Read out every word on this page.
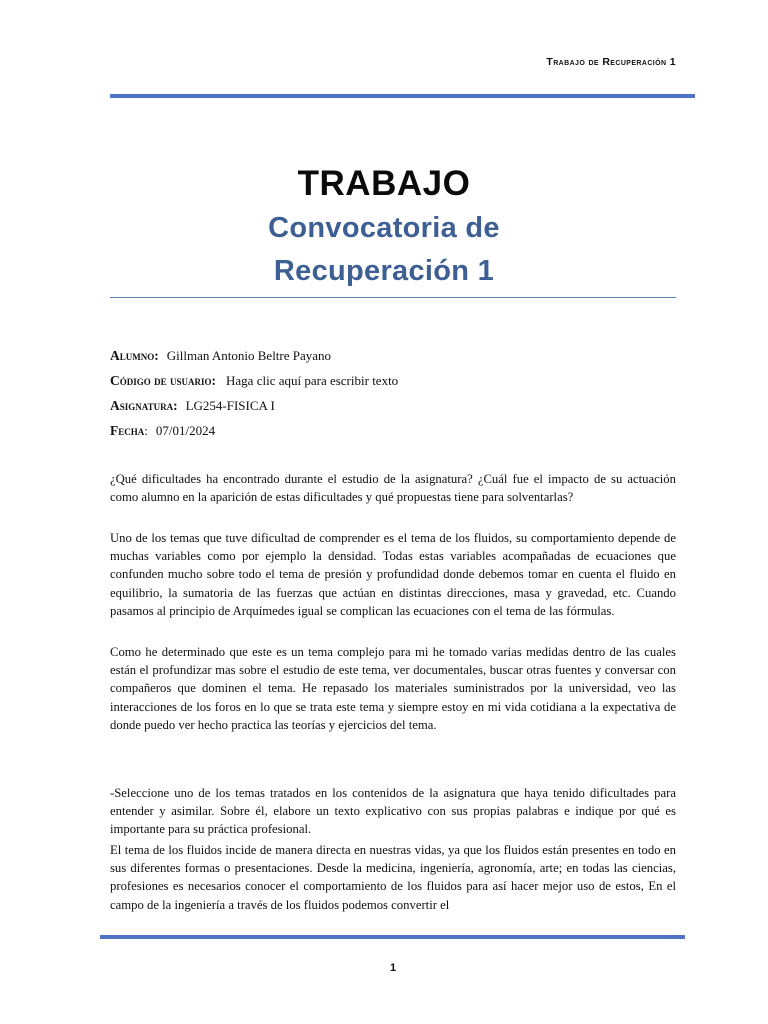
Trabajo de Recuperación 1
TRABAJO
Convocatoria de
Recuperación 1
Alumno: Gillman Antonio Beltre Payano
Código de usuario: Haga clic aquí para escribir texto
Asignatura: LG254-FISICA I
Fecha: 07/01/2024
¿Qué dificultades ha encontrado durante el estudio de la asignatura? ¿Cuál fue el impacto de su actuación como alumno en la aparición de estas dificultades y qué propuestas tiene para solventarlas?
Uno de los temas que tuve dificultad de comprender es el tema de los fluidos, su comportamiento depende de muchas variables como por ejemplo la densidad. Todas estas variables acompañadas de ecuaciones que confunden mucho sobre todo el tema de presión y profundidad donde debemos tomar en cuenta el fluido en equilibrio, la sumatoria de las fuerzas que actúan en distintas direcciones, masa y gravedad, etc. Cuando pasamos al principio de Arquímedes igual se complican las ecuaciones con el tema de las fórmulas.
Como he determinado que este es un tema complejo para mi he tomado varias medidas dentro de las cuales están el profundizar mas sobre el estudio de este tema, ver documentales, buscar otras fuentes y conversar con compañeros que dominen el tema. He repasado los materiales suministrados por la universidad, veo las interacciones de los foros en lo que se trata este tema y siempre estoy en mi vida cotidiana a la expectativa de donde puedo ver hecho practica las teorías y ejercicios del tema.
-Seleccione uno de los temas tratados en los contenidos de la asignatura que haya tenido dificultades para entender y asimilar. Sobre él, elabore un texto explicativo con sus propias palabras e indique por qué es importante para su práctica profesional.
El tema de los fluidos incide de manera directa en nuestras vidas, ya que los fluidos están presentes en todo en sus diferentes formas o presentaciones. Desde la medicina, ingeniería, agronomía, arte; en todas las ciencias, profesiones es necesarios conocer el comportamiento de los fluidos para así hacer mejor uso de estos, En el campo de la ingeniería a través de los fluidos podemos convertir el
1
